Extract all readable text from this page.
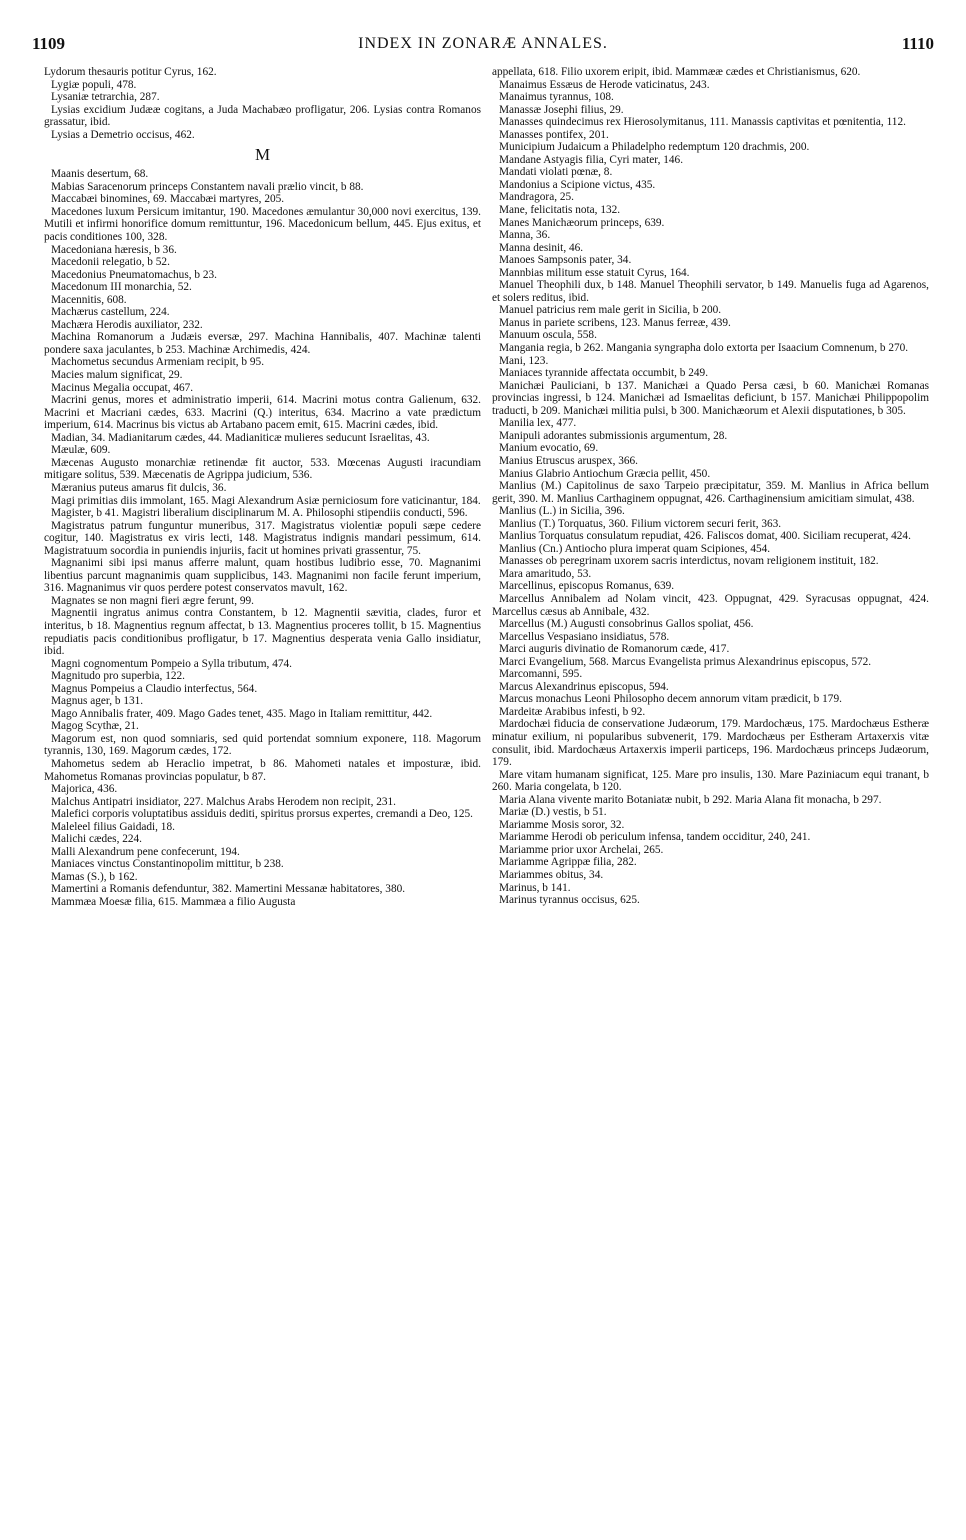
1109	INDEX IN ZONARÆ ANNALES.	1110

Lydorum thesauris potitur Cyrus, 162.

Lygiæ populi, 478.

Lysaniæ tetrarchia, 287.

Lysias excidium Judææ cogitans, a Juda Machabæo profligatur, 206. Lysias contra Romanos grassatur, ibid.

Lysias a Demetrio occisus, 462.

M

Maanis desertum, 68.

Mabias Saracenorum princeps Constantem navali prælio vincit, b 88.

Maccabæi binomines, 69. Maccabæi martyres, 205.

Macedones luxum Persicum imitantur, 190. Macedones æmulantur 30,000 novi exercitus, 139. Mutili et infirmi honorifice domum remittuntur, 196. Macedonicum bellum, 445. Ejus exitus, et pacis conditiones 100, 328.

Macedoniana hæresis, b 36.

Macedonii relegatio, b 52.

Macedonius Pneumatomachus, b 23.

Macedonum III monarchia, 52.

Macennitis, 608.

Machærus castellum, 224.

Machæra Herodis auxiliator, 232.

Machina Romanorum a Judæis eversæ, 297. Machina Hannibalis, 407. Machinæ talenti pondere saxa jaculantes, b 253. Machinæ Archimedis, 424.

Machometus secundus Armeniam recipit, b 95.

Macies malum significat, 29.

Macinus Megalia occupat, 467.

Macrini genus, mores et administratio imperii, 614. Macrini motus contra Galienum, 632. Macrini et Macriani cædes, 633. Macrini (Q.) interitus, 634. Macrino a vate prædictum imperium, 614. Macrinus bis victus ab Artabano pacem emit, 615. Macrini cædes, ibid.

Madian, 34. Madianitarum cædes, 44. Madianiticæ mulieres seducunt Israelitas, 43.

Mæulæ, 609.

Mæcenas Augusto monarchiæ retinendæ fit auctor, 533. Mœcenas Augusti iracundiam mitigare solitus, 539. Mæcenatis de Agrippa judicium, 536.

Mæranius puteus amarus fit dulcis, 36.

Magi primitias diis immolant, 165. Magi Alexandrum Asiæ perniciosum fore vaticinantur, 184.

Magister, b 41. Magistri liberalium disciplinarum M. A. Philosophi stipendiis conducti, 596.

Magistratus patrum funguntur muneribus, 317. Magistratus violentiæ populi sæpe cedere cogitur, 140. Magistratus ex viris lecti, 148. Magistratus indignis mandari pessimum, 614. Magistratuum socordia in puniendis injuriis, facit ut homines privati grassentur, 75.

Magnanimi sibi ipsi manus afferre malunt, quam hostibus ludibrio esse, 70. Magnanimi libentius parcunt magnanimis quam supplicibus, 143. Magnanimi non facile ferunt imperium, 316. Magnanimus vir quos perdere potest conservatos mavult, 162.

Magnates se non magni fieri ægre ferunt, 99.

Magnentii ingratus animus contra Constantem, b 12. Magnentii sævitia, clades, furor et interitus, b 18. Magnentius regnum affectat, b 13. Magnentius proceres tollit, b 15. Magnentius repudiatis pacis conditionibus profligatur, b 17. Magnentius desperata venia Gallo insidiatur, ibid.

Magni cognomentum Pompeio a Sylla tributum, 474.

Magnitudo pro superbia, 122.

Magnus Pompeius a Claudio interfectus, 564.

Magnus ager, b 131.

Mago Annibalis frater, 409. Mago Gades tenet, 435. Mago in Italiam remittitur, 442.

Magog Scythæ, 21.

Magorum est, non quod somniaris, sed quid portendat somnium exponere, 118. Magorum tyrannis, 130, 169. Magorum cædes, 172.

Mahometus sedem ab Heraclio impetrat, b 86. Mahometi natales et imposturæ, ibid. Mahometus Romanas provincias populatur, b 87.

Majorica, 436.

Malchus Antipatri insidiator, 227. Malchus Arabs Herodem non recipit, 231.

Malefici corporis voluptatibus assiduis dediti, spiritus prorsus expertes, cremandi a Deo, 125.

Maleleel filius Gaidadi, 18.

Malichi cædes, 224.

Malli Alexandrum pene confecerunt, 194.

Maniaces vinctus Constantinopolim mittitur, b 238.

Mamas (S.), b 162.

Mamertini a Romanis defenduntur, 382. Mamertini Messanæ habitatores, 380.

Mammæa Moesæ filia, 615. Mammæa a filio Augusta

appellata, 618. Filio uxorem eripit, ibid. Mammææ cædes et Christianismus, 620.

Manaimus Essæus de Herode vaticinatus, 243.

Manaimus tyrannus, 108.

Manassæ Josephi filius, 29.

Manasses quindecimus rex Hierosolymitanus, 111. Manassis captivitas et pœnitentia, 112.

Manasses pontifex, 201.

Municipium Judaicum a Philadelpho redemptum 120 drachmis, 200.

Mandane Astyagis filia, Cyri mater, 146.

Mandati violati pœnæ, 8.

Mandonius a Scipione victus, 435.

Mandragora, 25.

Mane, felicitatis nota, 132.

Manes Manichæorum princeps, 639.

Manna, 36.

Manna desinit, 46.

Manoes Sampsonis pater, 34.

Mannbias militum esse statuit Cyrus, 164.

Manuel Theophili dux, b 148. Manuel Theophili servator, b 149. Manuelis fuga ad Agarenos, et solers reditus, ibid.

Manuel patricius rem male gerit in Sicilia, b 200.

Manus in pariete scribens, 123. Manus ferreæ, 439.

Manuum oscula, 558.

Mangania regia, b 262. Mangania syngrapha dolo extorta per Isaacium Comnenum, b 270.

Mani, 123.

Maniaces tyrannide affectata occumbit, b 249.

Manichæi Pauliciani, b 137. Manichæi a Quado Persa cæsi, b 60. Manichæi Romanas provincias ingressi, b 124. Manichæi ad Ismaelitas deficiunt, b 157. Manichæi Philippopolim traducti, b 209. Manichæi militia pulsi, b 300. Manichæorum et Alexii disputationes, b 305.

Manilia lex, 477.

Manipuli adorantes submissionis argumentum, 28.

Manium evocatio, 69.

Manius Etruscus aruspex, 366.

Manius Glabrio Antiochum Græcia pellit, 450.

Manlius (M.) Capitolinus de saxo Tarpeio præcipitatur, 359. M. Manlius in Africa bellum gerit, 390. M. Manlius Carthaginem oppugnat, 426. Carthaginensium amicitiam simulat, 438.

Manlius (L.) in Sicilia, 396.

Manlius (T.) Torquatus, 360. Filium victorem securi ferit, 363.

Manlius Torquatus consulatum repudiat, 426. Faliscos domat, 400. Siciliam recuperat, 424.

Manlius (Cn.) Antiocho plura imperat quam Scipiones, 454.

Manasses ob peregrinam uxorem sacris interdictus, novam religionem instituit, 182.

Mara amaritudo, 53.

Marcellinus, episcopus Romanus, 639.

Marcellus Annibalem ad Nolam vincit, 423. Oppugnat, 429. Syracusas oppugnat, 424. Marcellus cæsus ab Annibale, 432.

Marcellus (M.) Augusti consobrinus Gallos spoliat, 456.

Marcellus Vespasiano insidiatus, 578.

Marci auguris divinatio de Romanorum cæde, 417.

Marci Evangelium, 568. Marcus Evangelista primus Alexandrinus episcopus, 572.

Marcomanni, 595.

Marcus Alexandrinus episcopus, 594.

Marcus monachus Leoni Philosopho decem annorum vitam prædicit, b 179.

Mardeitæ Arabibus infesti, b 92.

Mardochæi fiducia de conservatione Judæorum, 179. Mardochæus, 175. Mardochæus Estheræ minatur exilium, ni popularibus subvenerit, 179. Mardochæus per Estheram Artaxerxis vitæ consulit, ibid. Mardochæus Artaxerxis imperii particeps, 196. Mardochæus princeps Judæorum, 179.

Mare vitam humanam significat, 125. Mare pro insulis, 130. Mare Paziniacum equi tranant, b 260. Maria congelata, b 120.

Maria Alana vivente marito Botaniatæ nubit, b 292. Maria Alana fit monacha, b 297.

Mariæ (D.) vestis, b 51.

Mariamme Mosis soror, 32.

Mariamme Herodi ob periculum infensa, tandem occiditur, 240, 241.

Mariamme prior uxor Archelai, 265.

Mariamme Agrippæ filia, 282.

Mariammes obitus, 34.

Marinus, b 141.

Marinus tyrannus occisus, 625.
